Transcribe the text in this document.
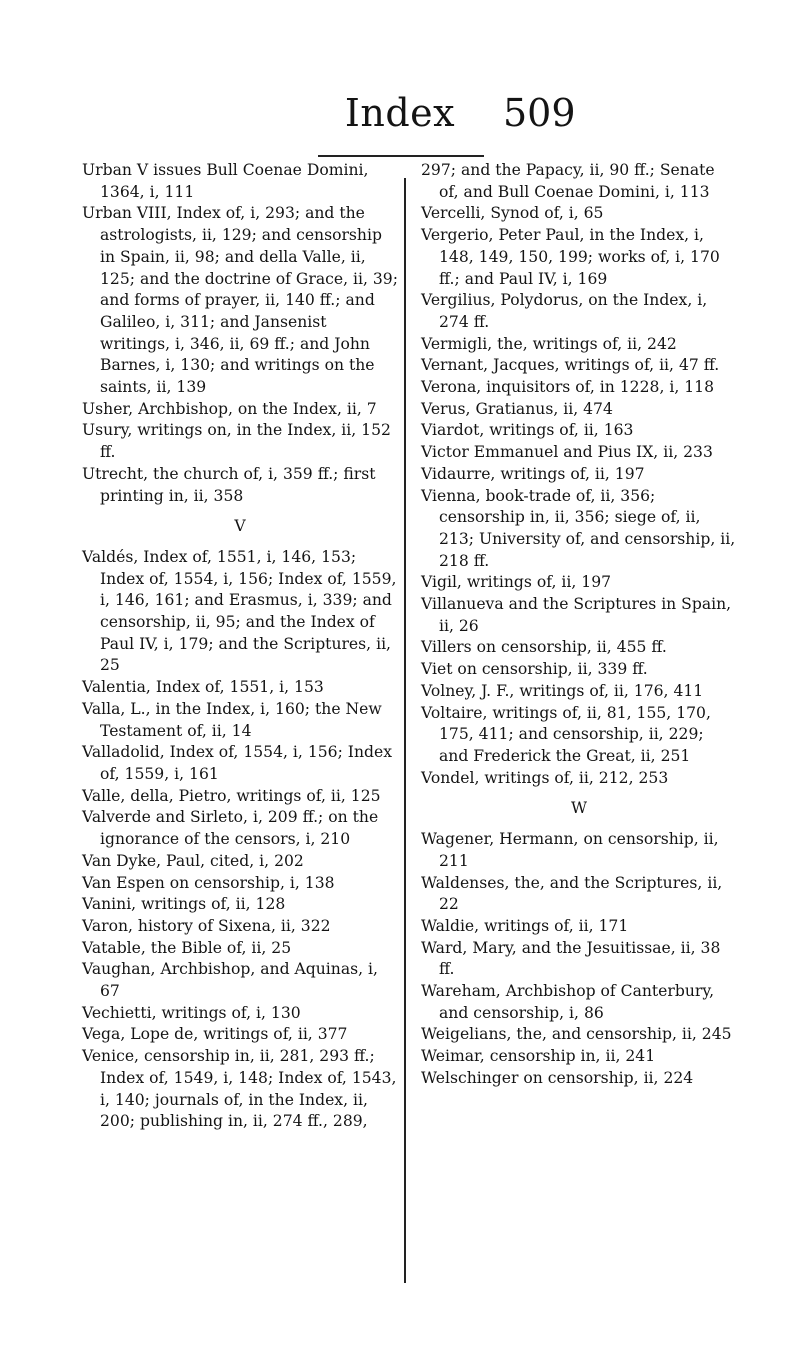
Index	509
Urban V issues Bull Coenae Domini, 1364, i, 111
Urban VIII, Index of, i, 293; and the astrologists, ii, 129; and censorship in Spain, ii, 98; and della Valle, ii, 125; and the doctrine of Grace, ii, 39; and forms of prayer, ii, 140 ff.; and Galileo, i, 311; and Jansenist writings, i, 346, ii, 69 ff.; and John Barnes, i, 130; and writings on the saints, ii, 139
Usher, Archbishop, on the Index, ii, 7
Usury, writings on, in the Index, ii, 152 ff.
Utrecht, the church of, i, 359 ff.; first printing in, ii, 358
V
Valdés, Index of, 1551, i, 146, 153; Index of, 1554, i, 156; Index of, 1559, i, 146, 161; and Erasmus, i, 339; and censorship, ii, 95; and the Index of Paul IV, i, 179; and the Scriptures, ii, 25
Valentia, Index of, 1551, i, 153
Valla, L., in the Index, i, 160; the New Testament of, ii, 14
Valladolid, Index of, 1554, i, 156; Index of, 1559, i, 161
Valle, della, Pietro, writings of, ii, 125
Valverde and Sirleto, i, 209 ff.; on the ignorance of the censors, i, 210
Van Dyke, Paul, cited, i, 202
Van Espen on censorship, i, 138
Vanini, writings of, ii, 128
Varon, history of Sixena, ii, 322
Vatable, the Bible of, ii, 25
Vaughan, Archbishop, and Aquinas, i, 67
Vechietti, writings of, i, 130
Vega, Lope de, writings of, ii, 377
Venice, censorship in, ii, 281, 293 ff.; Index of, 1549, i, 148; Index of, 1543, i, 140; journals of, in the Index, ii, 200; publishing in, ii, 274 ff., 289,
297; and the Papacy, ii, 90 ff.; Senate of, and Bull Coenae Domini, i, 113
Vercelli, Synod of, i, 65
Vergerio, Peter Paul, in the Index, i, 148, 149, 150, 199; works of, i, 170 ff.; and Paul IV, i, 169
Vergilius, Polydorus, on the Index, i, 274 ff.
Vermigli, the, writings of, ii, 242
Vernant, Jacques, writings of, ii, 47 ff.
Verona, inquisitors of, in 1228, i, 118
Verus, Gratianus, ii, 474
Viardot, writings of, ii, 163
Victor Emmanuel and Pius IX, ii, 233
Vidaurre, writings of, ii, 197
Vienna, book-trade of, ii, 356; censorship in, ii, 356; siege of, ii, 213; University of, and censorship, ii, 218 ff.
Vigil, writings of, ii, 197
Villanueva and the Scriptures in Spain, ii, 26
Villers on censorship, ii, 455 ff.
Viet on censorship, ii, 339 ff.
Volney, J. F., writings of, ii, 176, 411
Voltaire, writings of, ii, 81, 155, 170, 175, 411; and censorship, ii, 229; and Frederick the Great, ii, 251
Vondel, writings of, ii, 212, 253
W
Wagener, Hermann, on censorship, ii, 211
Waldenses, the, and the Scriptures, ii, 22
Waldie, writings of, ii, 171
Ward, Mary, and the Jesuitissae, ii, 38 ff.
Wareham, Archbishop of Canterbury, and censorship, i, 86
Weigelians, the, and censorship, ii, 245
Weimar, censorship in, ii, 241
Welschinger on censorship, ii, 224
